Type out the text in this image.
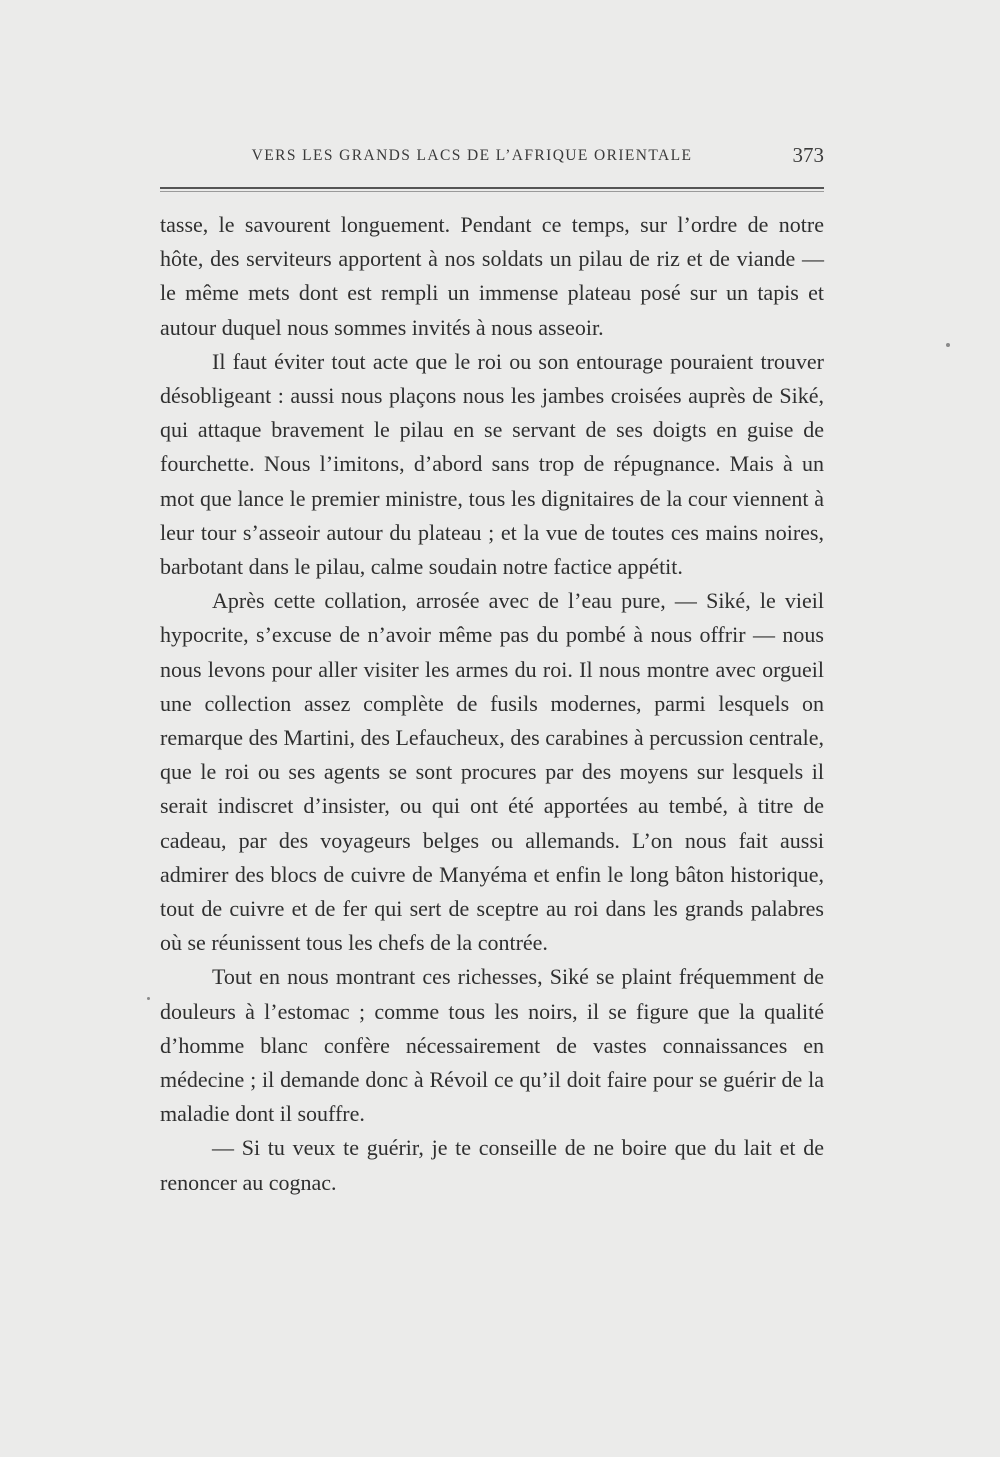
VERS LES GRANDS LACS DE L’AFRIQUE ORIENTALE	373

tasse, le savourent longuement. Pendant ce temps, sur l’ordre de notre hôte, des serviteurs apportent à nos soldats un pilau de riz et de viande — le même mets dont est rempli un immense plateau posé sur un tapis et autour duquel nous sommes invités à nous asseoir.

Il faut éviter tout acte que le roi ou son entourage pouraient trouver désobligeant : aussi nous plaçons nous les jambes croisées auprès de Siké, qui attaque bravement le pilau en se servant de ses doigts en guise de fourchette. Nous l’imitons, d’abord sans trop de répugnance. Mais à un mot que lance le premier ministre, tous les dignitaires de la cour viennent à leur tour s’asseoir autour du plateau ; et la vue de toutes ces mains noires, barbotant dans le pilau, calme soudain notre factice appétit.

Après cette collation, arrosée avec de l’eau pure, — Siké, le vieil hypocrite, s’excuse de n’avoir même pas du pombé à nous offrir — nous nous levons pour aller visiter les armes du roi. Il nous montre avec orgueil une collection assez complète de fusils modernes, parmi lesquels on remarque des Martini, des Lefaucheux, des carabines à percussion centrale, que le roi ou ses agents se sont procures par des moyens sur lesquels il serait indiscret d’insister, ou qui ont été apportées au tembé, à titre de cadeau, par des voyageurs belges ou allemands. L’on nous fait aussi admirer des blocs de cuivre de Manyéma et enfin le long bâton historique, tout de cuivre et de fer qui sert de sceptre au roi dans les grands palabres où se réunissent tous les chefs de la contrée.

Tout en nous montrant ces richesses, Siké se plaint fréquemment de douleurs à l’estomac ; comme tous les noirs, il se figure que la qualité d’homme blanc confère nécessairement de vastes connaissances en médecine ; il demande donc à Révoil ce qu’il doit faire pour se guérir de la maladie dont il souffre.

— Si tu veux te guérir, je te conseille de ne boire que du lait et de renoncer au cognac.
